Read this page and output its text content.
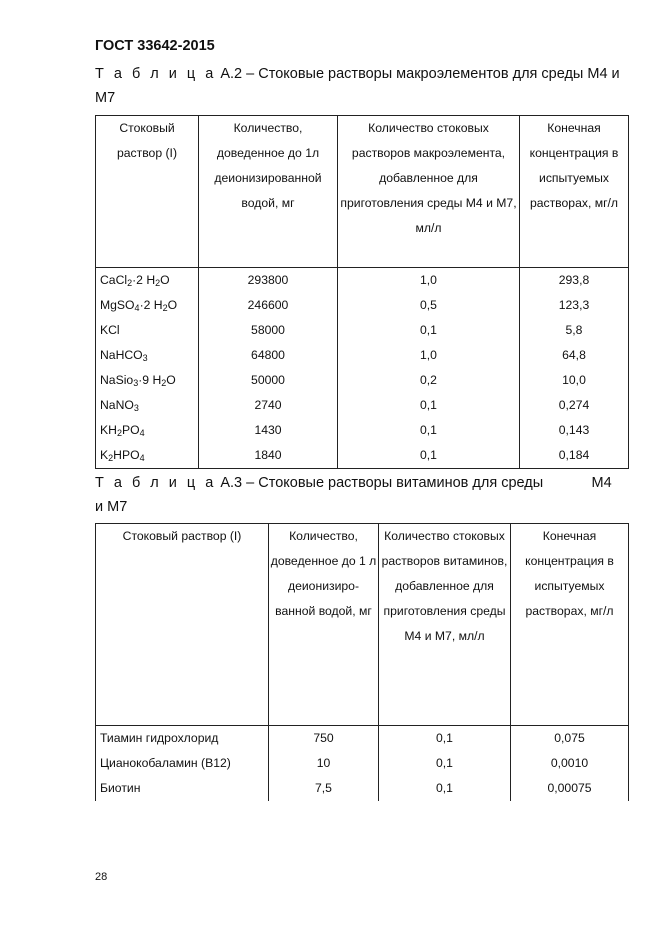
ГОСТ 33642-2015
Т а б л и ц а А.2 – Стоковые растворы макроэлементов для среды М4 и М7
Стоковый раствор (I)	Количество, доведенное до 1л деионизированной водой, мг	Количество стоковых растворов макроэлемента, добавленное для приготовления среды М4 и М7, мл/л	Конечная концентрация в испытуемых растворах, мг/л
CaCl$_2$·2 $H_2O$	293800	1,0	293,8
MgSO$_4$·2 $H_2O$	246600	0,5	123,3
KCl	58000	0,1	5,8
NaHCO$_3$	64800	1,0	64,8
NaSio$_3$·9 $H_2O$	50000	0,2	10,0
NaNO$_3$	2740	0,1	0,274
$KH_2PO_4$	1430	0,1	0,143
$K_2HPO_4$	1840	0,1	0,184
Т а б л и ц а А.3 – Стоковые растворы витаминов для среды            М4 и М7
Стоковый раствор (I)	Количество, доведенное до 1 л деионизиро-ванной водой, мг	Количество стоковых растворов витаминов, добавленное для приготовления среды М4 и М7, мл/л	Конечная концентрация в испытуемых растворах, мг/л
Тиамин гидрохлорид	750	0,1	0,075
Цианокобаламин (В12)	10	0,1	0,0010
Биотин	7,5	0,1	0,00075
28
